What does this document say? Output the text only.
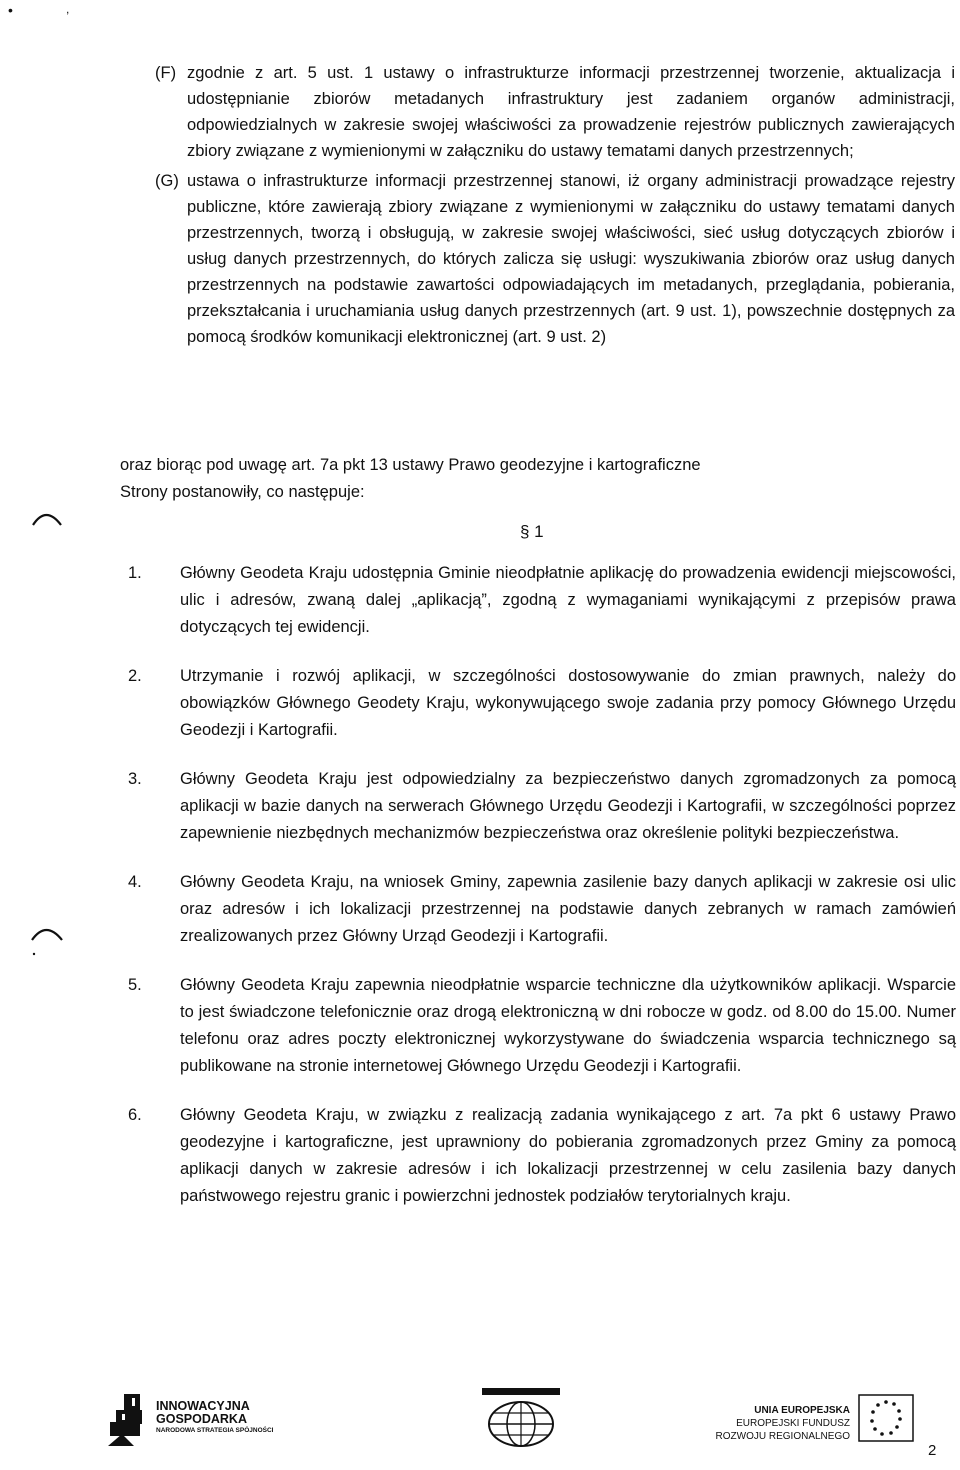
•	,
(F) zgodnie z art. 5 ust. 1 ustawy o infrastrukturze informacji przestrzennej tworzenie, aktualizacja i udostępnianie zbiorów metadanych infrastruktury jest zadaniem organów administracji, odpowiedzialnych w zakresie swojej właściwości za prowadzenie rejestrów publicznych zawierających zbiory związane z wymienionymi w załączniku do ustawy tematami danych przestrzennych;
(G) ustawa o infrastrukturze informacji przestrzennej stanowi, iż organy administracji prowadzące rejestry publiczne, które zawierają zbiory związane z wymienionymi w załączniku do ustawy tematami danych przestrzennych, tworzą i obsługują, w zakresie swojej właściwości, sieć usług dotyczących zbiorów i usług danych przestrzennych, do których zalicza się usługi: wyszukiwania zbiorów oraz usług danych przestrzennych na podstawie zawartości odpowiadających im metadanych, przeglądania, pobierania, przekształcania i uruchamiania usług danych przestrzennych (art. 9 ust. 1), powszechnie dostępnych za pomocą środków komunikacji elektronicznej (art. 9 ust. 2)
oraz biorąc pod uwagę art. 7a pkt 13 ustawy Prawo geodezyjne i kartograficzne
Strony postanowiły, co następuje:
§ 1
1.	Główny Geodeta Kraju udostępnia Gminie nieodpłatnie aplikację do prowadzenia ewidencji miejscowości, ulic i adresów, zwaną dalej „aplikacją”, zgodną z wymaganiami wynikającymi z przepisów prawa dotyczących tej ewidencji.
2.	Utrzymanie i rozwój aplikacji, w szczególności dostosowywanie do zmian prawnych, należy do obowiązków Głównego Geodety Kraju, wykonywującego swoje zadania przy pomocy Głównego Urzędu Geodezji i Kartografii.
3.	Główny Geodeta Kraju jest odpowiedzialny za bezpieczeństwo danych zgromadzonych za pomocą aplikacji w bazie danych na serwerach Głównego Urzędu Geodezji i Kartografii, w szczególności poprzez zapewnienie niezbędnych mechanizmów bezpieczeństwa oraz określenie polityki bezpieczeństwa.
4.	Główny Geodeta Kraju, na wniosek Gminy, zapewnia zasilenie bazy danych aplikacji w zakresie osi ulic oraz adresów i ich lokalizacji przestrzennej na podstawie danych zebranych w ramach zamówień zrealizowanych przez Główny Urząd Geodezji i Kartografii.
5.	Główny Geodeta Kraju zapewnia nieodpłatnie wsparcie techniczne dla użytkowników aplikacji. Wsparcie to jest świadczone telefonicznie oraz drogą elektroniczną w dni robocze w godz. od 8.00 do 15.00. Numer telefonu oraz adres poczty elektronicznej wykorzystywane do świadczenia wsparcia technicznego są publikowane na stronie internetowej Głównego Urzędu Geodezji i Kartografii.
6.	Główny Geodeta Kraju, w związku z realizacją zadania wynikającego z art. 7a pkt 6 ustawy Prawo geodezyjne i kartograficzne, jest uprawniony do pobierania zgromadzonych przez Gminy za pomocą aplikacji danych w zakresie adresów i ich lokalizacji przestrzennej w celu zasilenia bazy danych państwowego rejestru granic i powierzchni jednostek podziałów terytorialnych kraju.
INNOWACYJNA
GOSPODARKA
NARODOWA STRATEGIA SPÓJNOŚCI
UNIA EUROPEJSKA
EUROPEJSKI FUNDUSZ
ROZWOJU REGIONALNEGO
2
